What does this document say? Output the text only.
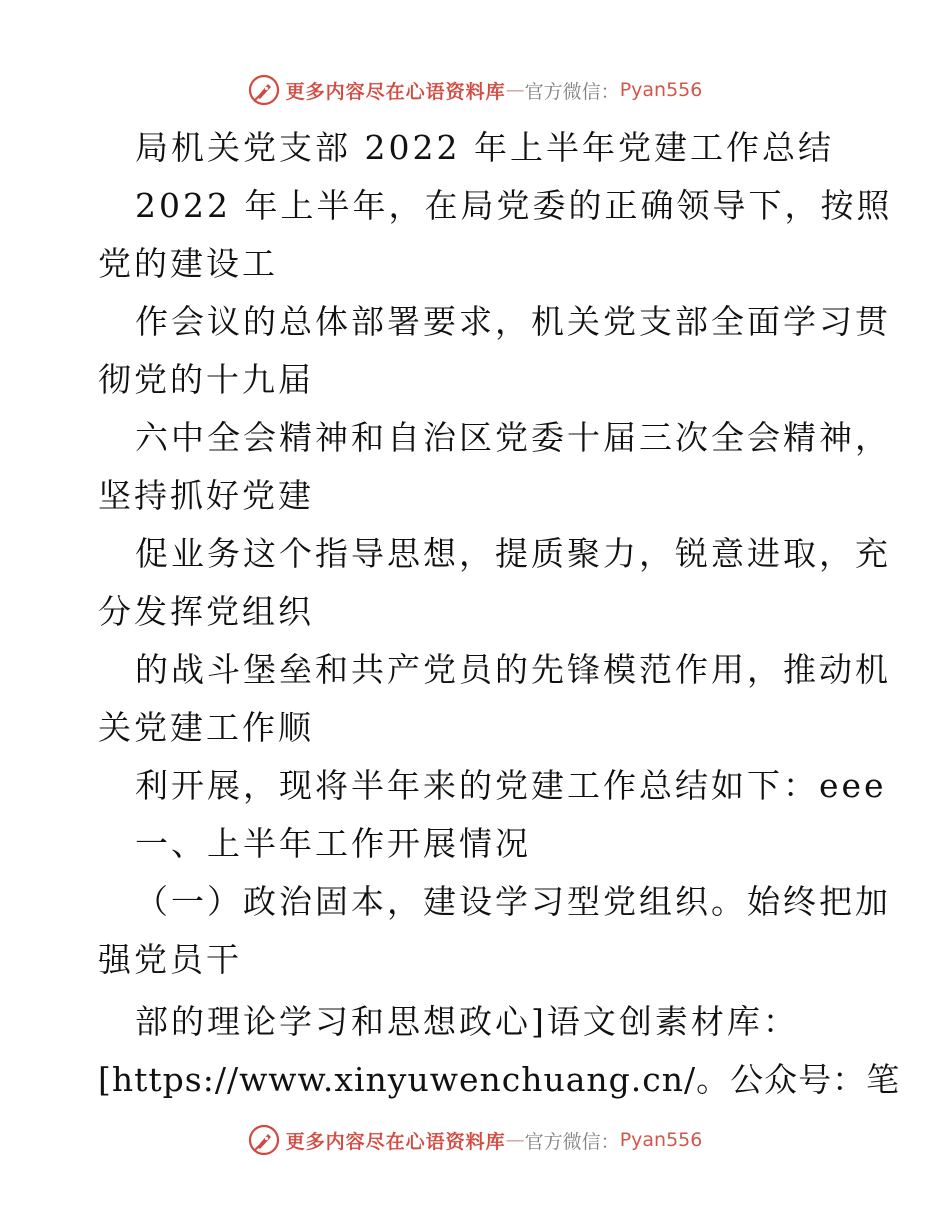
更多内容尽在心语资料库 — 官方微信： Pyan556
局机关党支部 2022 年上半年党建工作总结
2022 年上半年，在局党委的正确领导下，按照
党的建设工
作会议的总体部署要求，机关党支部全面学习贯
彻党的十九届
六中全会精神和自治区党委十届三次全会精神，
坚持抓好党建
促业务这个指导思想，提质聚力，锐意进取，充
分发挥党组织
的战斗堡垒和共产党员的先锋模范作用，推动机
关党建工作顺
利开展，现将半年来的党建工作总结如下：eee
一、上半年工作开展情况
（一）政治固本，建设学习型党组织。始终把加
强党员干
部的理论学习和思想政心]语文创素材库：
[https://www.xinyuwenchuang.cn/。公众号：笔
更多内容尽在心语资料库 — 官方微信： Pyan556
